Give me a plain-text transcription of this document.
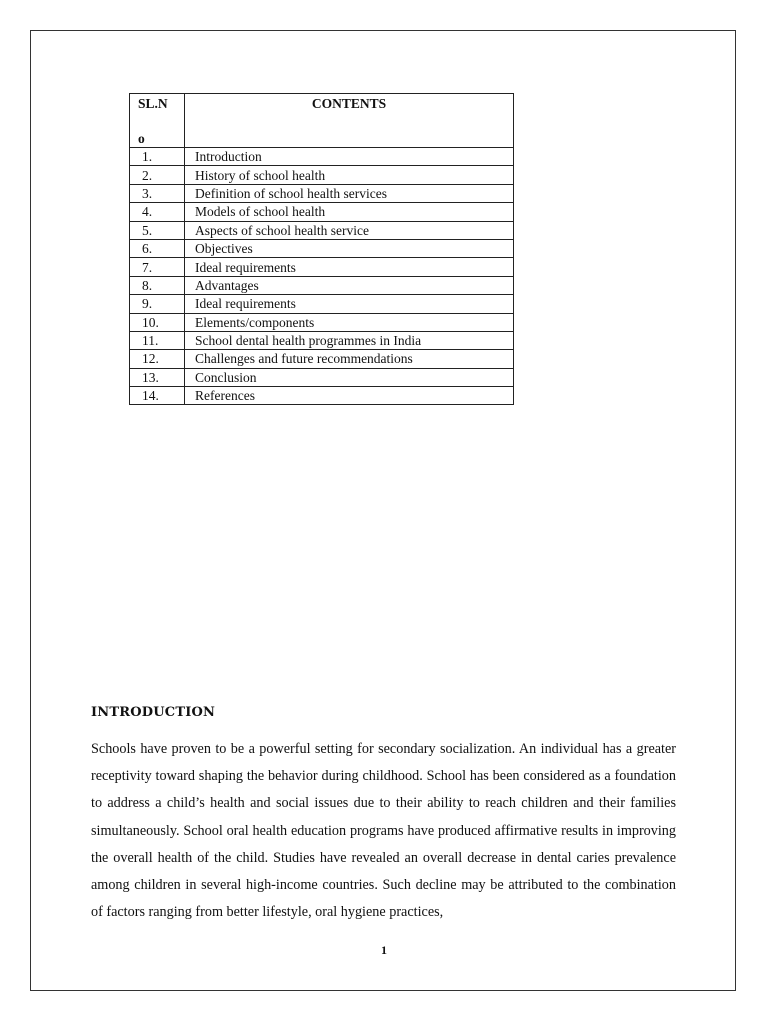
SL.N
o	CONTENTS
1.	Introduction
2.	History of school health
3.	Definition of school health services
4.	Models of school health
5.	Aspects of school health service
6.	Objectives
7.	Ideal requirements
8.	Advantages
9.	Ideal requirements
10.	Elements/components
11.	School dental health programmes in India
12.	Challenges and future recommendations
13.	Conclusion
14.	References
INTRODUCTION

Schools have proven to be a powerful setting for secondary socialization. An individual has a greater receptivity toward shaping the behavior during childhood. School has been considered as a foundation to address a child’s health and social issues due to their ability to reach children and their families simultaneously. School oral health education programs have produced affirmative results in improving the overall health of the child. Studies have revealed an overall decrease in dental caries prevalence among children in several high-income countries. Such decline may be attributed to the combination of factors ranging from better lifestyle, oral hygiene practices,

1
